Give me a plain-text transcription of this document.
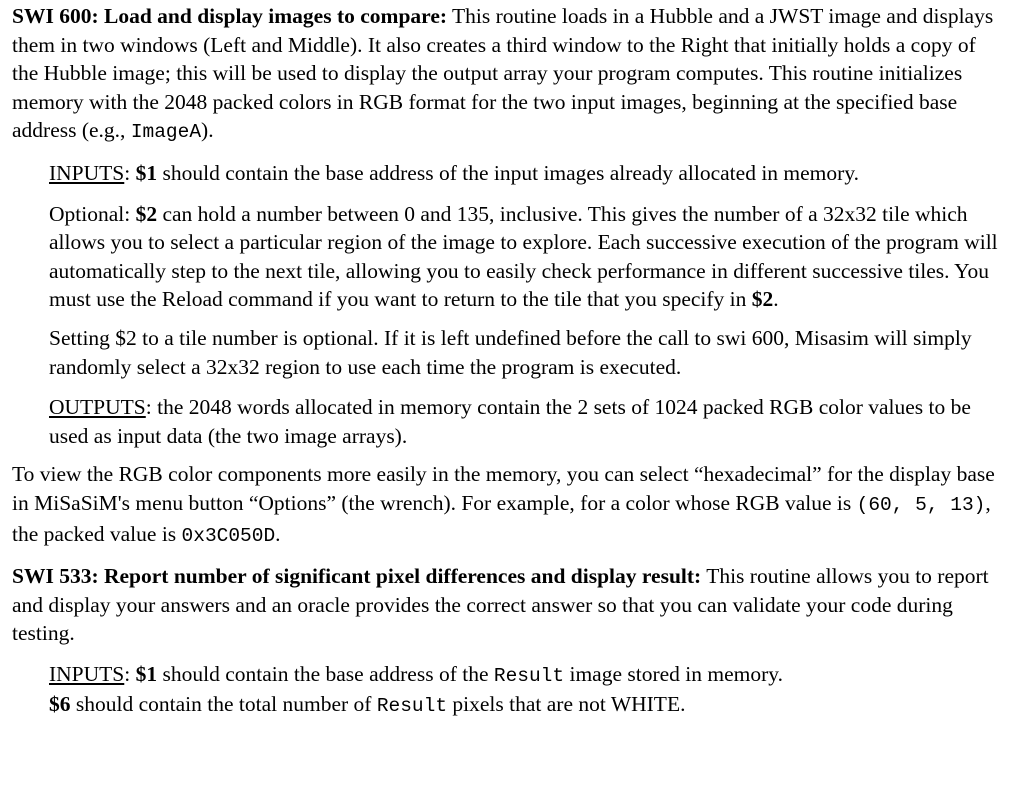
SWI 600: Load and display images to compare: This routine loads in a Hubble and a JWST image and displays them in two windows (Left and Middle). It also creates a third window to the Right that initially holds a copy of the Hubble image; this will be used to display the output array your program computes. This routine initializes memory with the 2048 packed colors in RGB format for the two input images, beginning at the specified base address (e.g., ImageA).

INPUTS: $1 should contain the base address of the input images already allocated in memory.

Optional: $2 can hold a number between 0 and 135, inclusive. This gives the number of a 32x32 tile which allows you to select a particular region of the image to explore. Each successive execution of the program will automatically step to the next tile, allowing you to easily check performance in different successive tiles. You must use the Reload command if you want to return to the tile that you specify in $2.

Setting $2 to a tile number is optional. If it is left undefined before the call to swi 600, Misasim will simply randomly select a 32x32 region to use each time the program is executed.

OUTPUTS: the 2048 words allocated in memory contain the 2 sets of 1024 packed RGB color values to be used as input data (the two image arrays).

To view the RGB color components more easily in the memory, you can select “hexadecimal” for the display base in MiSaSiM's menu button “Options” (the wrench). For example, for a color whose RGB value is (60, 5, 13), the packed value is 0x3C050D.

SWI 533: Report number of significant pixel differences and display result: This routine allows you to report and display your answers and an oracle provides the correct answer so that you can validate your code during testing.

INPUTS: $1 should contain the base address of the Result image stored in memory.
$6 should contain the total number of Result pixels that are not WHITE.
